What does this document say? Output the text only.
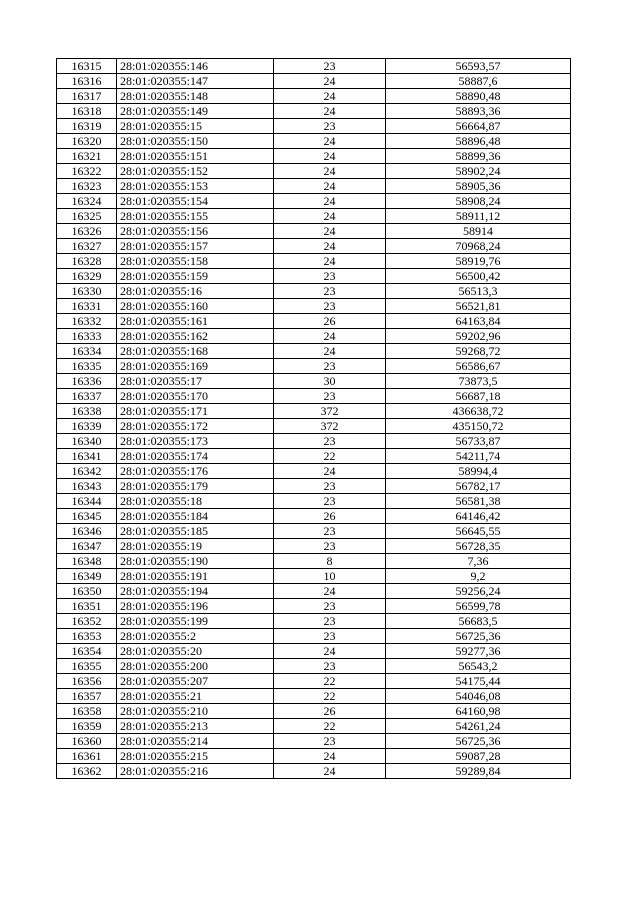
16315	28:01:020355:146	23	56593,57
16316	28:01:020355:147	24	58887,6
16317	28:01:020355:148	24	58890,48
16318	28:01:020355:149	24	58893,36
16319	28:01:020355:15	23	56664,87
16320	28:01:020355:150	24	58896,48
16321	28:01:020355:151	24	58899,36
16322	28:01:020355:152	24	58902,24
16323	28:01:020355:153	24	58905,36
16324	28:01:020355:154	24	58908,24
16325	28:01:020355:155	24	58911,12
16326	28:01:020355:156	24	58914
16327	28:01:020355:157	24	70968,24
16328	28:01:020355:158	24	58919,76
16329	28:01:020355:159	23	56500,42
16330	28:01:020355:16	23	56513,3
16331	28:01:020355:160	23	56521,81
16332	28:01:020355:161	26	64163,84
16333	28:01:020355:162	24	59202,96
16334	28:01:020355:168	24	59268,72
16335	28:01:020355:169	23	56586,67
16336	28:01:020355:17	30	73873,5
16337	28:01:020355:170	23	56687,18
16338	28:01:020355:171	372	436638,72
16339	28:01:020355:172	372	435150,72
16340	28:01:020355:173	23	56733,87
16341	28:01:020355:174	22	54211,74
16342	28:01:020355:176	24	58994,4
16343	28:01:020355:179	23	56782,17
16344	28:01:020355:18	23	56581,38
16345	28:01:020355:184	26	64146,42
16346	28:01:020355:185	23	56645,55
16347	28:01:020355:19	23	56728,35
16348	28:01:020355:190	8	7,36
16349	28:01:020355:191	10	9,2
16350	28:01:020355:194	24	59256,24
16351	28:01:020355:196	23	56599,78
16352	28:01:020355:199	23	56683,5
16353	28:01:020355:2	23	56725,36
16354	28:01:020355:20	24	59277,36
16355	28:01:020355:200	23	56543,2
16356	28:01:020355:207	22	54175,44
16357	28:01:020355:21	22	54046,08
16358	28:01:020355:210	26	64160,98
16359	28:01:020355:213	22	54261,24
16360	28:01:020355:214	23	56725,36
16361	28:01:020355:215	24	59087,28
16362	28:01:020355:216	24	59289,84
